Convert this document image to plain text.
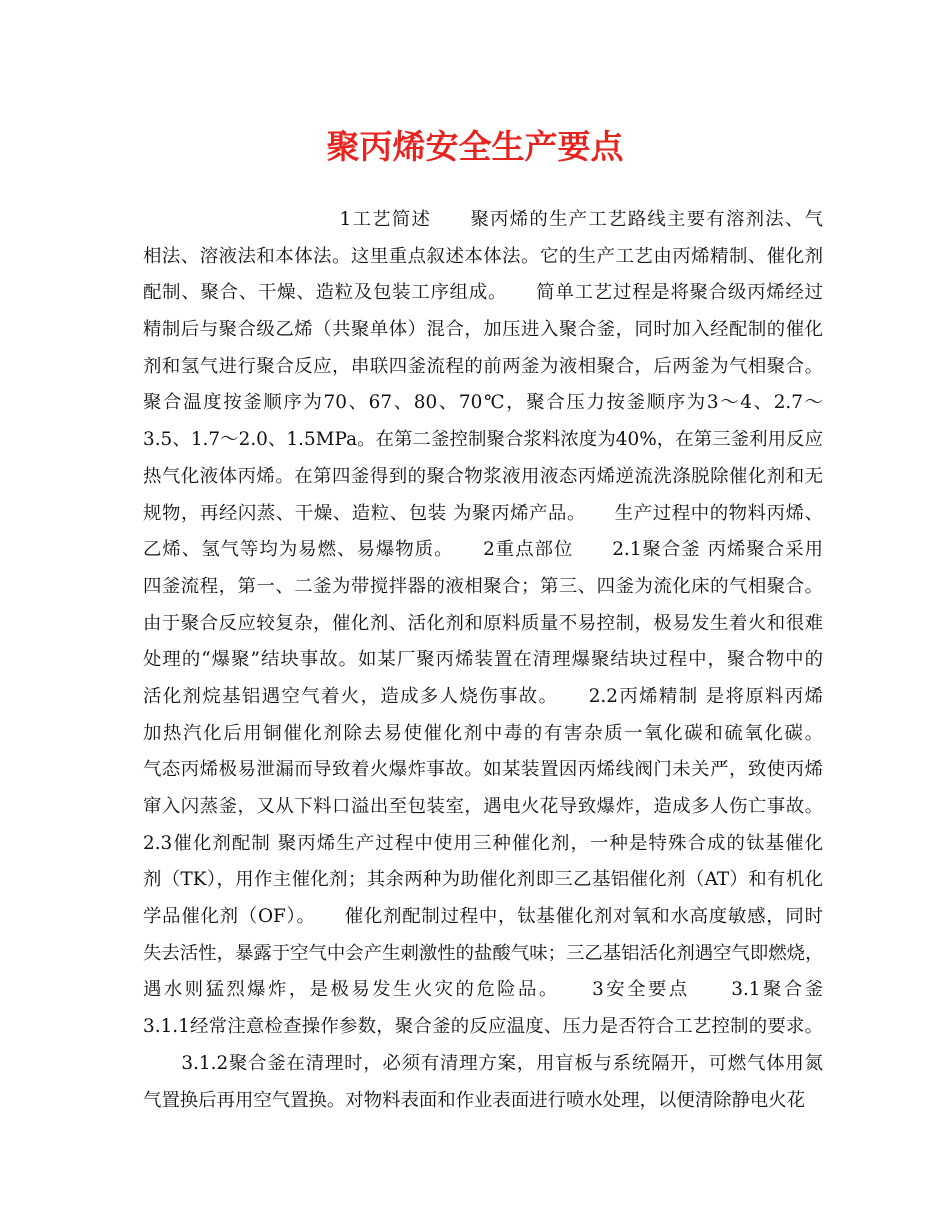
聚丙烯安全生产要点

　　　　　　　　　　1工艺简述　　聚丙烯的生产工艺路线主要有溶剂法、气

相法、溶液法和本体法。这里重点叙述本体法。它的生产工艺由丙烯精制、催化剂

配制、聚合、干燥、造粒及包装工序组成。　　简单工艺过程是将聚合级丙烯经过

精制后与聚合级乙烯（共聚单体）混合，加压进入聚合釜，同时加入经配制的催化

剂和氢气进行聚合反应，串联四釜流程的前两釜为液相聚合，后两釜为气相聚合。

聚合温度按釜顺序为70、67、80、70℃，聚合压力按釜顺序为3～4、2.7～

3.5、1.7～2.0、1.5MPa。在第二釜控制聚合浆料浓度为40%，在第三釜利用反应

热气化液体丙烯。在第四釜得到的聚合物浆液用液态丙烯逆流洗涤脱除催化剂和无

规物，再经闪蒸、干燥、造粒、包装 为聚丙烯产品。　　生产过程中的物料丙烯、

乙烯、氢气等均为易燃、易爆物质。　　2重点部位　　2.1聚合釜 丙烯聚合采用

四釜流程，第一、二釜为带搅拌器的液相聚合；第三、四釜为流化床的气相聚合。

由于聚合反应较复杂，催化剂、活化剂和原料质量不易控制，极易发生着火和很难

处理的“爆聚”结块事故。如某厂聚丙烯装置在清理爆聚结块过程中，聚合物中的

活化剂烷基铝遇空气着火，造成多人烧伤事故。　　2.2丙烯精制 是将原料丙烯

加热汽化后用铜催化剂除去易使催化剂中毒的有害杂质一氧化碳和硫氧化碳。

气态丙烯极易泄漏而导致着火爆炸事故。如某装置因丙烯线阀门未关严，致使丙烯

窜入闪蒸釜，又从下料口溢出至包装室，遇电火花导致爆炸，造成多人伤亡事故。

2.3催化剂配制 聚丙烯生产过程中使用三种催化剂，一种是特殊合成的钛基催化

剂（TK），用作主催化剂；其余两种为助催化剂即三乙基铝催化剂（AT）和有机化

学品催化剂（OF）。　　催化剂配制过程中，钛基催化剂对氧和水高度敏感，同时

失去活性，暴露于空气中会产生刺激性的盐酸气味；三乙基铝活化剂遇空气即燃烧，

遇水则猛烈爆炸，是极易发生火灾的危险品。　　3安全要点　　3.1聚合釜

3.1.1经常注意检查操作参数，聚合釜的反应温度、压力是否符合工艺控制的要求。

　　3.1.2聚合釜在清理时，必须有清理方案，用盲板与系统隔开，可燃气体用氮

气置换后再用空气置换。对物料表面和作业表面进行喷水处理，以便清除静电火花
